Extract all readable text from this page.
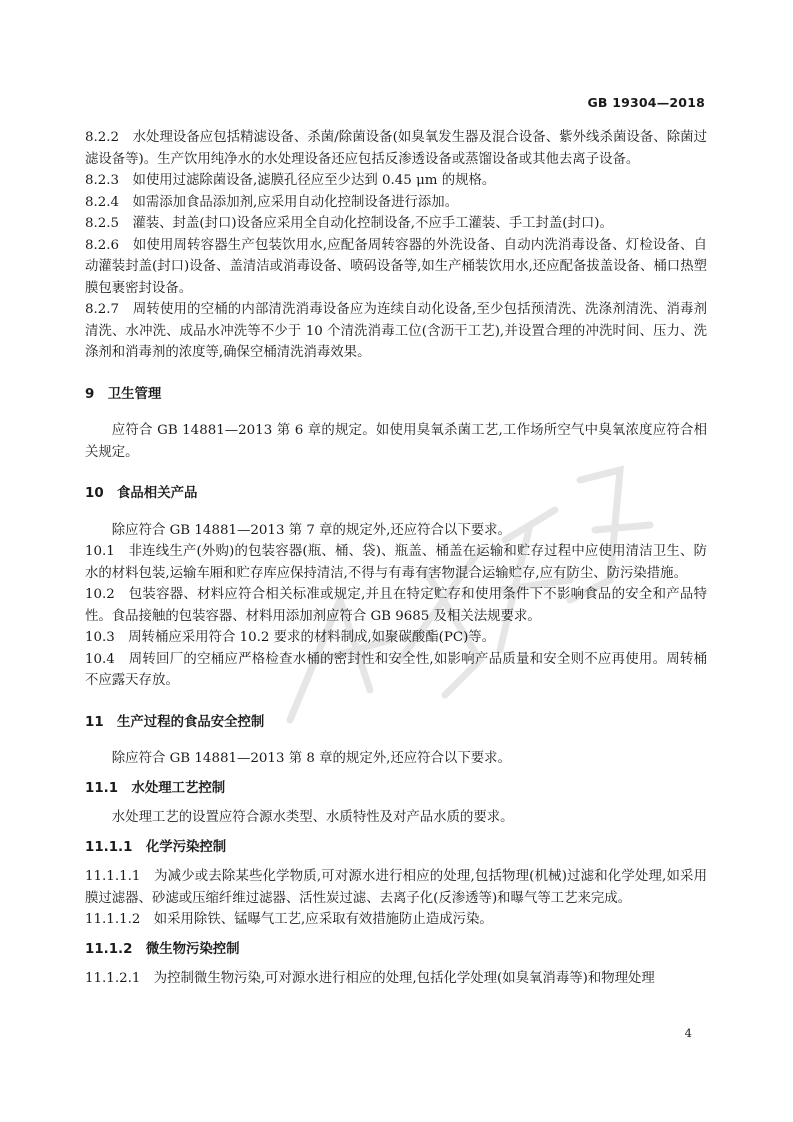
GB 19304—2018

8.2.2　水处理设备应包括精滤设备、杀菌/除菌设备(如臭氧发生器及混合设备、紫外线杀菌设备、除菌过滤设备等)。生产饮用纯净水的水处理设备还应包括反渗透设备或蒸馏设备或其他去离子设备。

8.2.3　如使用过滤除菌设备,滤膜孔径应至少达到 0.45 μm 的规格。

8.2.4　如需添加食品添加剂,应采用自动化控制设备进行添加。

8.2.5　灌装、封盖(封口)设备应采用全自动化控制设备,不应手工灌装、手工封盖(封口)。

8.2.6　如使用周转容器生产包装饮用水,应配备周转容器的外洗设备、自动内洗消毒设备、灯检设备、自动灌装封盖(封口)设备、盖清洁或消毒设备、喷码设备等,如生产桶装饮用水,还应配备拔盖设备、桶口热塑膜包裹密封设备。

8.2.7　周转使用的空桶的内部清洗消毒设备应为连续自动化设备,至少包括预清洗、洗涤剂清洗、消毒剂清洗、水冲洗、成品水冲洗等不少于 10 个清洗消毒工位(含沥干工艺),并设置合理的冲洗时间、压力、洗涤剂和消毒剂的浓度等,确保空桶清洗消毒效果。

9　卫生管理

应符合 GB 14881—2013 第 6 章的规定。如使用臭氧杀菌工艺,工作场所空气中臭氧浓度应符合相关规定。

10　食品相关产品

除应符合 GB 14881—2013 第 7 章的规定外,还应符合以下要求。

10.1　非连线生产(外购)的包装容器(瓶、桶、袋)、瓶盖、桶盖在运输和贮存过程中应使用清洁卫生、防水的材料包装,运输车厢和贮存库应保持清洁,不得与有毒有害物混合运输贮存,应有防尘、防污染措施。

10.2　包装容器、材料应符合相关标准或规定,并且在特定贮存和使用条件下不影响食品的安全和产品特性。食品接触的包装容器、材料用添加剂应符合 GB 9685 及相关法规要求。

10.3　周转桶应采用符合 10.2 要求的材料制成,如聚碳酸酯(PC)等。

10.4　周转回厂的空桶应严格检查水桶的密封性和安全性,如影响产品质量和安全则不应再使用。周转桶不应露天存放。

11　生产过程的食品安全控制

除应符合 GB 14881—2013 第 8 章的规定外,还应符合以下要求。

11.1　水处理工艺控制

水处理工艺的设置应符合源水类型、水质特性及对产品水质的要求。

11.1.1　化学污染控制

11.1.1.1　为减少或去除某些化学物质,可对源水进行相应的处理,包括物理(机械)过滤和化学处理,如采用膜过滤器、砂滤或压缩纤维过滤器、活性炭过滤、去离子化(反渗透等)和曝气等工艺来完成。

11.1.1.2　如采用除铁、锰曝气工艺,应采取有效措施防止造成污染。

11.1.2　微生物污染控制

11.1.2.1　为控制微生物污染,可对源水进行相应的处理,包括化学处理(如臭氧消毒等)和物理处理

4
